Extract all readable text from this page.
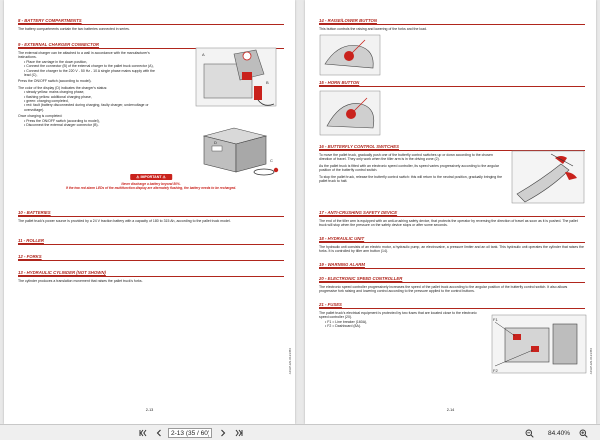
8 - BATTERY COMPARTMENTS
The battery compartments contain the two batteries connected in series.
9 - EXTERNAL CHARGER CONNECTOR
The external charger can be attached to a wall in accordance with the manufacturer's instructions.
• Place the carriage in the down position,
• Connect the connector (B) of the external charger to the pallet truck connector (A),
• Connect the charger to the 220 V - 50 Hz - 10 A single phase mains supply with the lead (C),
Press the ON/OFF switch (according to model).
The color of the display (D) indicates the charger's status:
• steady yellow: mains charging phase,
• flashing yellow: additional charging phase,
• green: charging completed,
• red: fault (battery disconnected during charging, faulty charger, undervoltage or overvoltage).
Once charging is completed:
• Press the ON/OFF switch (according to model),
• Disconnect the external charger connector (B).
A
B
D
C
⚠ IMPORTANT ⚠
Never discharge a battery beyond 80%.
If the two red alarm LEDs of the multifunction display are alternately flashing, the battery needs to be recharged.
10 - BATTERIES
The pallet truck's power source is provided by a 24 V traction battery with a capacity of 180 to 315 Ah, according to the pallet truck model.
11 - ROLLER
12 - FORKS
13 - HYDRAULIC CYLINDER (NOT SHOWN)
The cylinder produces a translation movement that raises the pallet truck's forks.
ACHP-EN-0123456
2-13
14 - RAISE/LOWER BUTTON
This button controls the raising and lowering of the forks and the load.
15 - HORN BUTTON
16 - BUTTERFLY CONTROL SWITCHES
To move the pallet truck, gradually push one of the butterfly control switches up or down according to the chosen direction of travel. They only work when the tiller arm is in the driving zone (2).
As the pallet truck is fitted with an electronic speed controller, its speed varies progressively according to the angular position of the butterfly control switch.
To stop the pallet truck, release the butterfly control switch: this will return to the neutral position, gradually bringing the pallet truck to halt.
17 - ANTI-CRUSHING SAFETY DEVICE
The end of the tiller arm is equipped with an anti-crushing safety device, that protects the operator by reversing the direction of travel as soon as it is pushed. The pallet truck will stop when the pressure on the safety device stops or after some seconds.
18 - HYDRAULIC UNIT
The hydraulic unit consists of an electric motor, a hydraulic pump, an electrovalve, a pressure limiter and an oil tank. This hydraulic unit operates the cylinder that raises the forks. It is controlled by tiller arm button (14).
19 - WARNING ALARM
20 - ELECTRONIC SPEED CONTROLLER
The electronic speed controller progressively increases the speed of the pallet truck according to the angular position of the butterfly control switch. It also allows progressive fork raising and lowering control according to the pressure applied to the control buttons.
21 - FUSES
The pallet truck's electrical equipment is protected by two fuses that are located close to the electronic speed controller (20).
• F1 = Line breaker (160A),
• F2 = Dashboard (8A).
F1
F2	ACHP-EN-0123456
2-14
2-13 (35 / 60)
84.40%
